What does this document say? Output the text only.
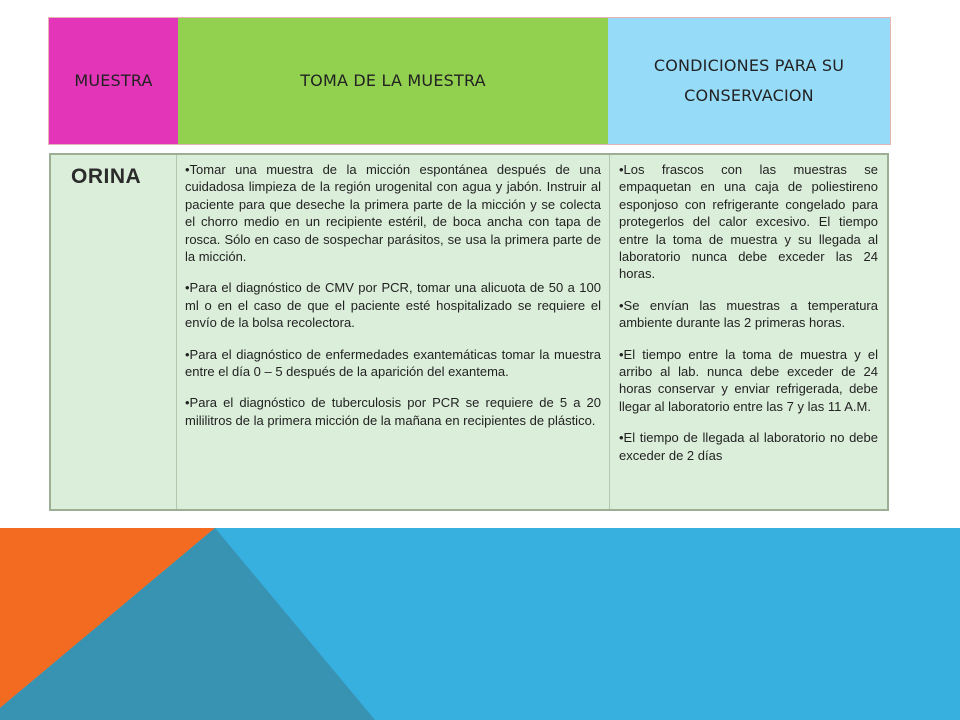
MUESTRA	TOMA DE LA MUESTRA
CONDICIONES PARA SU CONSERVACION
ORINA	•Tomar una muestra de la micción espontánea después de una cuidadosa limpieza de la región urogenital con agua y jabón. Instruir al paciente para que deseche la primera parte de la micción y se colecta el chorro medio en un recipiente estéril, de boca ancha con tapa de rosca. Sólo en caso de sospechar parásitos, se usa la primera parte de la micción.

•Para el diagnóstico de CMV por PCR, tomar una alicuota de 50 a 100 ml o en el caso de que el paciente esté hospitalizado se requiere el envío de la bolsa recolectora.

•Para el diagnóstico de enfermedades exantemáticas tomar la muestra entre el día 0 – 5 después de la aparición del exantema.

•Para el diagnóstico de tuberculosis por PCR se requiere de 5 a 20 mililitros de la primera micción de la mañana en recipientes de plástico.

•Los frascos con las muestras se empaquetan en una caja de poliestireno esponjoso con refrigerante congelado para protegerlos del calor excesivo. El tiempo entre la toma de muestra y su llegada al laboratorio nunca debe exceder las 24 horas.

•Se envían las muestras a temperatura ambiente durante las 2 primeras horas.

•El tiempo entre la toma de muestra y el arribo al lab. nunca debe exceder de 24 horas conservar y enviar refrigerada, debe llegar al laboratorio entre las 7 y las 11 A.M.

•El tiempo de llegada al laboratorio no debe exceder de 2 días
